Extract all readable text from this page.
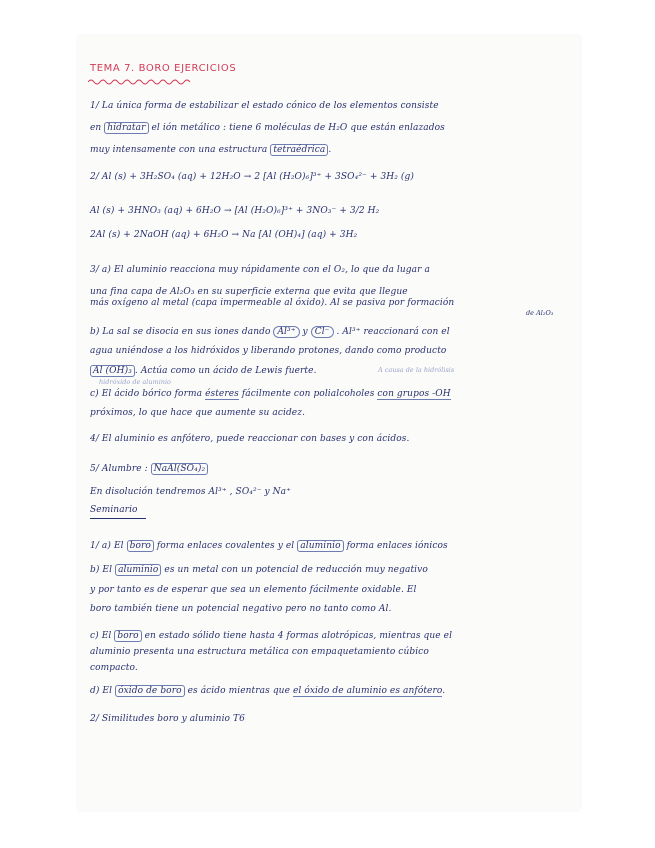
TEMA 7. BORO EJERCICIOS
1/ La única forma de estabilizar el estado cónico de los elementos consiste
en hidratar el ión metálico : tiene 6 moléculas de H₂O que están enlazados
muy intensamente con una estructura tetraédrica .
2/ Al (s) + 3H₂SO₄ (aq) + 12H₂O → 2 [Al (H₂O)₆]³⁺ + 3SO₄²⁻ + 3H₂ (g)
Al (s) + 3HNO₃ (aq) + 6H₂O → [Al (H₂O)₆]³⁺ + 3NO₃⁻ + 3/2 H₂
2Al (s) + 2NaOH (aq) + 6H₂O → Na [Al (OH)₄] (aq) + 3H₂
3/ a) El aluminio reacciona muy rápidamente con el O₂, lo que da lugar a
una fina capa de Al₂O₃ en su superficie externa que evita que llegue
más oxígeno al metal (capa impermeable al óxido). Al se pasiva por formación
de Al₂O₃
b) La sal se disocia en sus iones dando Al³⁺ y Cl⁻ . Al³⁺ reaccionará con el
agua uniéndose a los hidróxidos y liberando protones, dando como producto
Al (OH)₃ . Actúa como un ácido de Lewis fuerte.	A causa de la hidrólisis
hidróxido de aluminio
c) El ácido bórico forma ésteres fácilmente con polialcoholes con grupos -OH
próximos, lo que hace que aumente su acidez.
4/ El aluminio es anfótero, puede reaccionar con bases y con ácidos.
5/ Alumbre : NaAl(SO₄)₂
En disolución tendremos Al³⁺ , SO₄²⁻ y Na⁺
Seminario
1/ a) El boro forma enlaces covalentes y el aluminio forma enlaces iónicos
b) El aluminio es un metal con un potencial de reducción muy negativo
y por tanto es de esperar que sea un elemento fácilmente oxidable. El
boro también tiene un potencial negativo pero no tanto como Al.
c) El boro en estado sólido tiene hasta 4 formas alotrópicas, mientras que el
aluminio presenta una estructura metálica con empaquetamiento cúbico
compacto.
d) El óxido de boro es ácido mientras que el óxido de aluminio es anfótero.
2/ Similitudes boro y aluminio T6
